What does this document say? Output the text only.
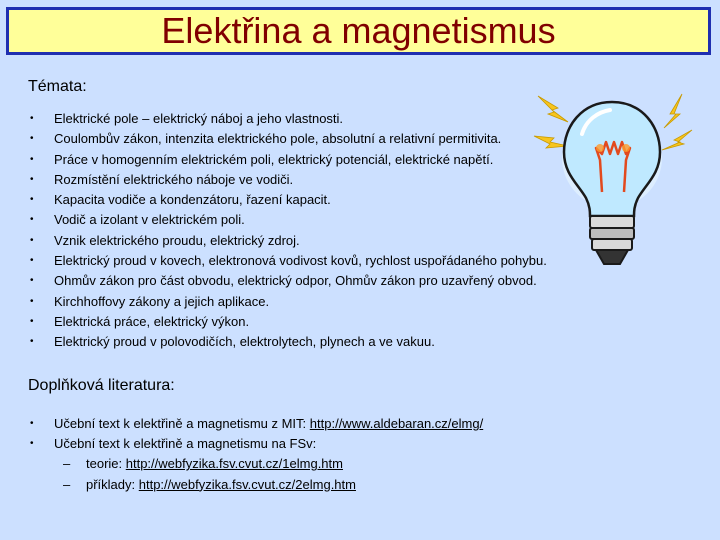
Elektřina a magnetismus
Témata:
• Elektrické pole – elektrický náboj a jeho vlastnosti.
• Coulombův zákon, intenzita elektrického pole, absolutní a relativní permitivita.
• Práce v homogenním elektrickém poli, elektrický potenciál, elektrické napětí.
• Rozmístění elektrického náboje ve vodiči.
• Kapacita vodiče a kondenzátoru, řazení kapacit.
• Vodič a izolant v elektrickém poli.
• Vznik elektrického proudu, elektrický zdroj.
• Elektrický proud v kovech, elektronová vodivost kovů, rychlost uspořádaného pohybu.
• Ohmův zákon pro část obvodu, elektrický odpor, Ohmův zákon pro uzavřený obvod.
• Kirchhoffovy zákony a jejich aplikace.
• Elektrická práce, elektrický výkon.
• Elektrický proud v polovodičích, elektrolytech, plynech a ve vakuu.
Doplňková literatura:
• Učební text k elektřině a magnetismu z MIT: http://www.aldebaran.cz/elmg/
• Učební text k elektřině a magnetismu na FSv:
– teorie: http://webfyzika.fsv.cvut.cz/1elmg.htm
– příklady: http://webfyzika.fsv.cvut.cz/2elmg.htm
